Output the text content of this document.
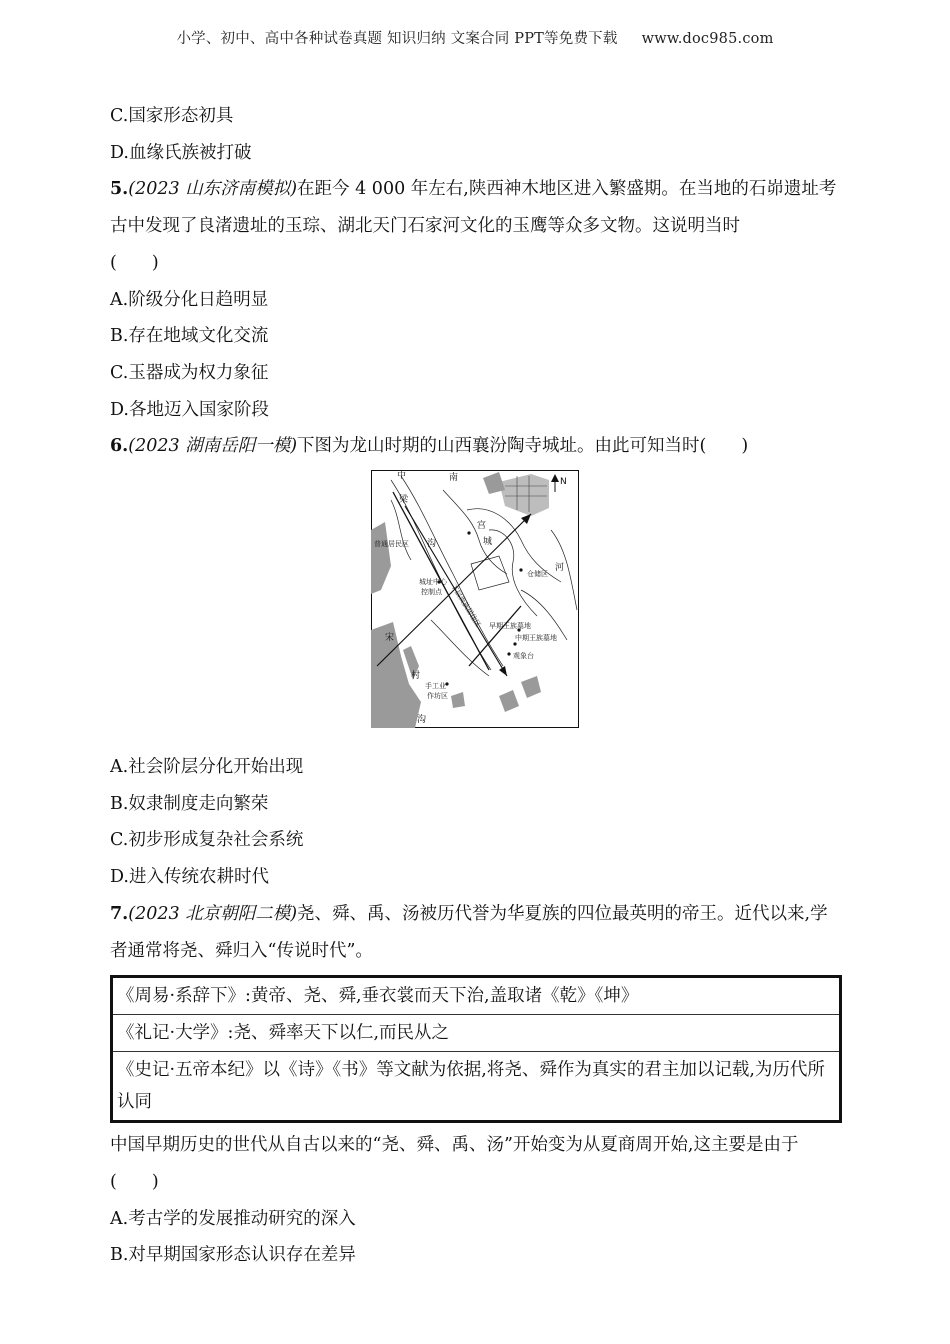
小学、初中、高中各种试卷真题 知识归纳 文案合同 PPT等免费下载 www.doc985.com
C.国家形态初具
D.血缘氏族被打破
5.(2023 山东济南模拟)在距今 4 000 年左右,陕西神木地区进入繁盛期。在当地的石峁遗址考古中发现了良渚遗址的玉琮、湖北天门石家河文化的玉鹰等众多文物。这说明当时
(　　)
A.阶级分化日趋明显
B.存在地域文化交流
C.玉器成为权力象征
D.各地迈入国家阶段
6.(2023 湖南岳阳一模)下图为龙山时期的山西襄汾陶寺城址。由此可知当时(　　)
N
中	南
梁
沟
宫
城
普通居民区
城址中心
控制点 下层贵族居住区
仓储区
河
早期王族墓地
中期王族墓地
观象台
宋
村
手工业
作坊区
沟
A.社会阶层分化开始出现
B.奴隶制度走向繁荣
C.初步形成复杂社会系统
D.进入传统农耕时代
7.(2023 北京朝阳二模)尧、舜、禹、汤被历代誉为华夏族的四位最英明的帝王。近代以来,学者通常将尧、舜归入“传说时代”。
《周易·系辞下》:黄帝、尧、舜,垂衣裳而天下治,盖取诸《乾》《坤》
《礼记·大学》:尧、舜率天下以仁,而民从之
《史记·五帝本纪》以《诗》《书》等文献为依据,将尧、舜作为真实的君主加以记载,为历代所认同
中国早期历史的世代从自古以来的“尧、舜、禹、汤”开始变为从夏商周开始,这主要是由于(　　)
A.考古学的发展推动研究的深入
B.对早期国家形态认识存在差异
